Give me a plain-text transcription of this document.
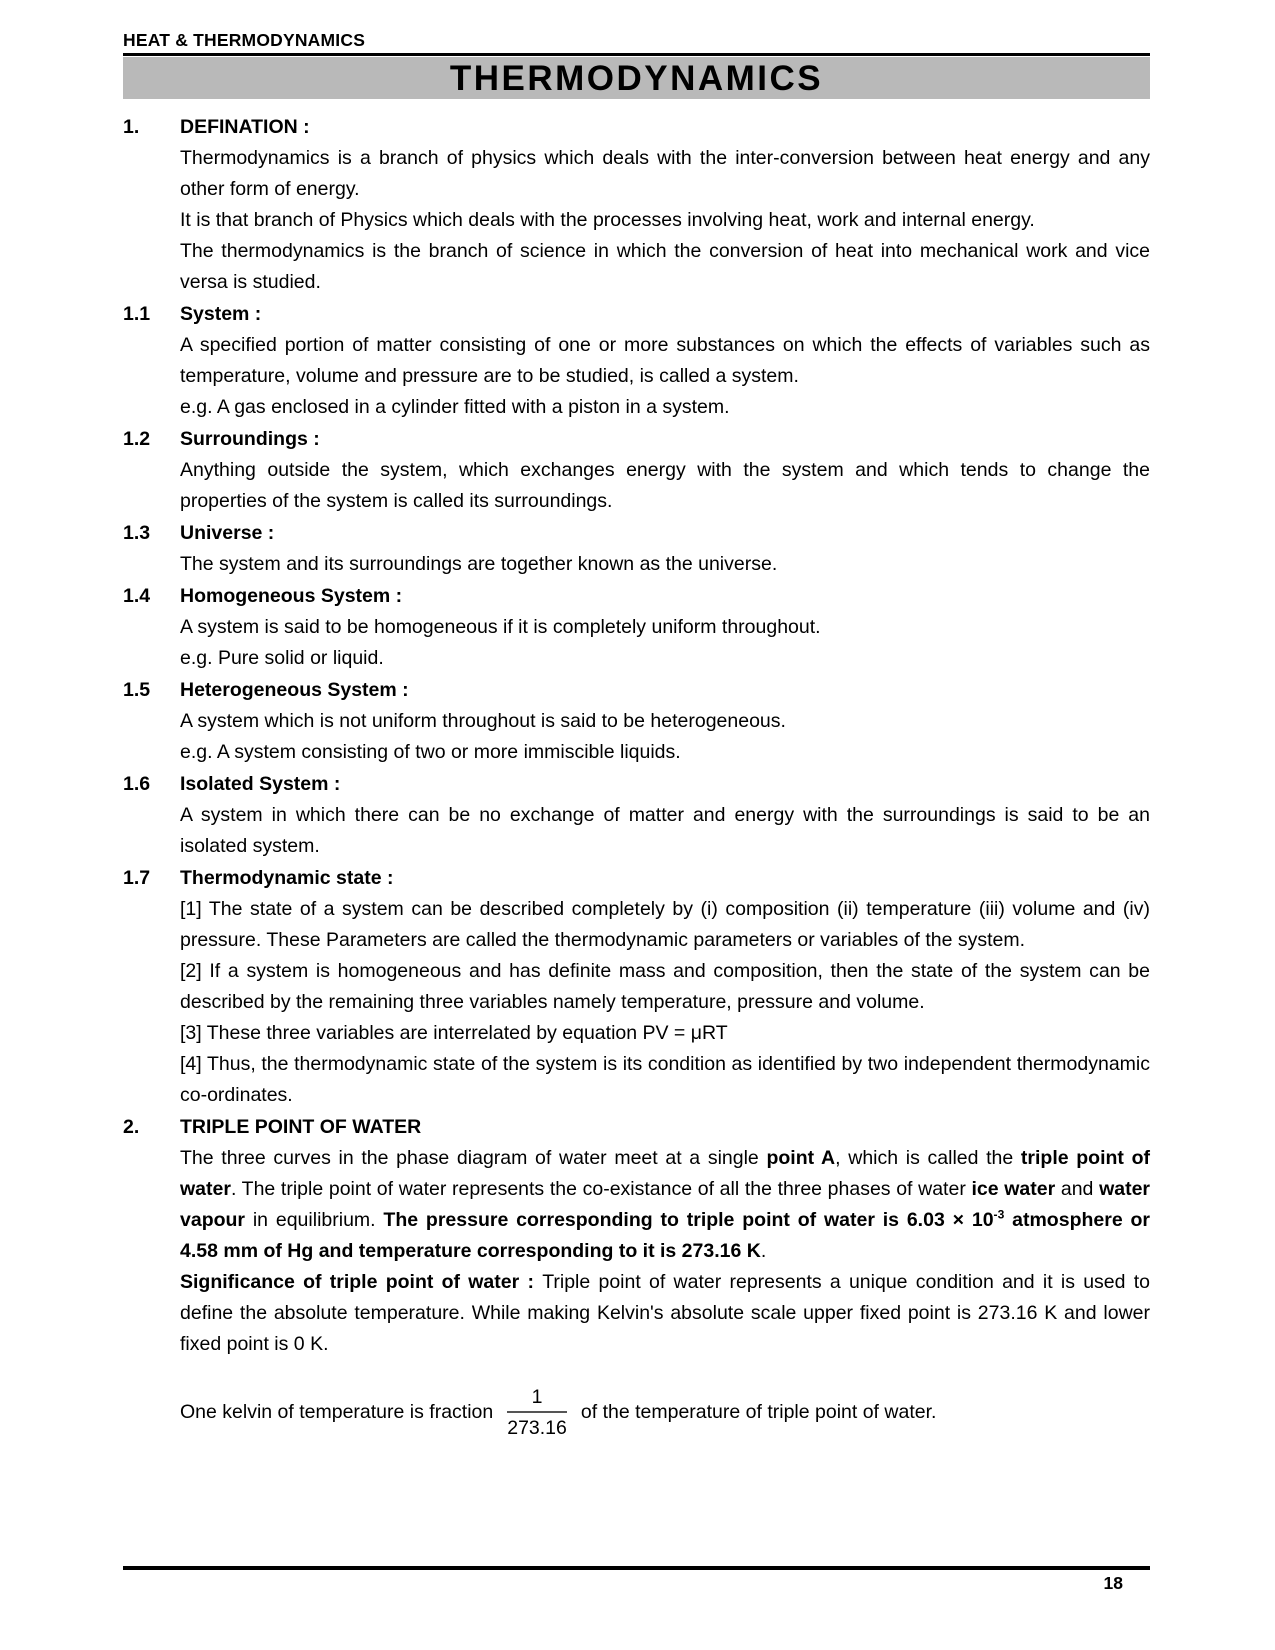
HEAT & THERMODYNAMICS
THERMODYNAMICS
1.	DEFINATION :

Thermodynamics is a branch of physics which deals with the inter-conversion between heat energy and any other form of energy.

It is that branch of Physics which deals with the processes involving heat, work and internal energy.

The thermodynamics is the branch of science in which the conversion of heat into mechanical work and vice versa is studied.

1.1	System :

A specified portion of matter consisting of one or more substances on which the effects of variables such as temperature, volume and pressure are to be studied, is called a system.

e.g. A gas enclosed in a cylinder fitted with a piston in a system.

1.2	Surroundings :

Anything outside the system, which exchanges energy with the system and which tends to change the properties of the system is called its surroundings.

1.3	Universe :

The system and its surroundings are together known as the universe.

1.4	Homogeneous System :

A system is said to be homogeneous if it is completely uniform throughout.

e.g. Pure solid or liquid.

1.5	Heterogeneous System :

A system which is not uniform throughout is said to be heterogeneous.

e.g. A system consisting of two or more immiscible liquids.

1.6	Isolated System :

A system in which there can be no exchange of matter and energy with the surroundings is said to be an isolated system.

1.7	Thermodynamic state :

[1] The state of a system can be described completely by (i) composition (ii) temperature (iii) volume and (iv) pressure. These Parameters are called the thermodynamic parameters or variables of the system.

[2] If a system is homogeneous and has definite mass and composition, then the state of the system can be described by the remaining three variables namely temperature, pressure and volume.

[3] These three variables are interrelated by equation PV = μRT

[4] Thus, the thermodynamic state of the system is its condition as identified by two independent thermodynamic co-ordinates.

2.	TRIPLE POINT OF WATER

The three curves in the phase diagram of water meet at a single point A, which is called the triple point of water. The triple point of water represents the co-existance of all the three phases of water ice water and water vapour in equilibrium. The pressure corresponding to triple point of water is $6.03 \times 10^{-3}$ atmosphere or 4.58 mm of Hg and temperature corresponding to it is 273.16 K.

Significance of triple point of water : Triple point of water represents a unique condition and it is used to define the absolute temperature. While making Kelvin's absolute scale upper fixed point is 273.16 K and lower fixed point is 0 K.

One kelvin of temperature is fraction $\frac{1}{273.16}$ of the temperature of triple point of water.

18
